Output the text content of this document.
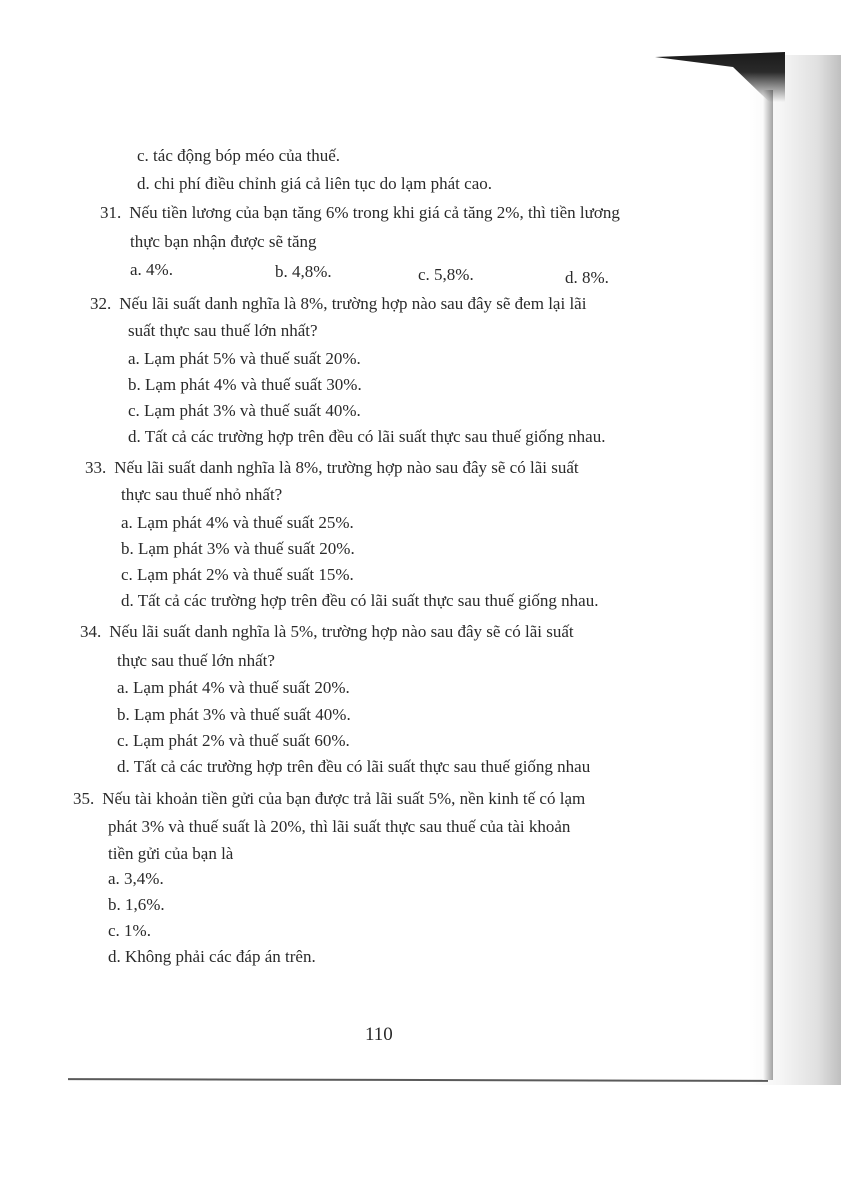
c. tác động bóp méo của thuế.
d. chi phí điều chỉnh giá cả liên tục do lạm phát cao.
31. Nếu tiền lương của bạn tăng 6% trong khi giá cả tăng 2%, thì tiền lương
thực bạn nhận được sẽ tăng
a. 4%.	b. 4,8%.	c. 5,8%.	d. 8%.
32. Nếu lãi suất danh nghĩa là 8%, trường hợp nào sau đây sẽ đem lại lãi
suất thực sau thuế lớn nhất?
a. Lạm phát 5% và thuế suất 20%.
b. Lạm phát 4% và thuế suất 30%.
c. Lạm phát 3% và thuế suất 40%.
d. Tất cả các trường hợp trên đều có lãi suất thực sau thuế giống nhau.
33. Nếu lãi suất danh nghĩa là 8%, trường hợp nào sau đây sẽ có lãi suất
thực sau thuế nhỏ nhất?
a. Lạm phát 4% và thuế suất 25%.
b. Lạm phát 3% và thuế suất 20%.
c. Lạm phát 2% và thuế suất 15%.
d. Tất cả các trường hợp trên đều có lãi suất thực sau thuế giống nhau.
34. Nếu lãi suất danh nghĩa là 5%, trường hợp nào sau đây sẽ có lãi suất
thực sau thuế lớn nhất?
a. Lạm phát 4% và thuế suất 20%.
b. Lạm phát 3% và thuế suất 40%.
c. Lạm phát 2% và thuế suất 60%.
d. Tất cả các trường hợp trên đều có lãi suất thực sau thuế giống nhau
35. Nếu tài khoản tiền gửi của bạn được trả lãi suất 5%, nền kinh tế có lạm
phát 3% và thuế suất là 20%, thì lãi suất thực sau thuế của tài khoản
tiền gửi của bạn là
a. 3,4%.
b. 1,6%.
c. 1%.
d. Không phải các đáp án trên.
110
